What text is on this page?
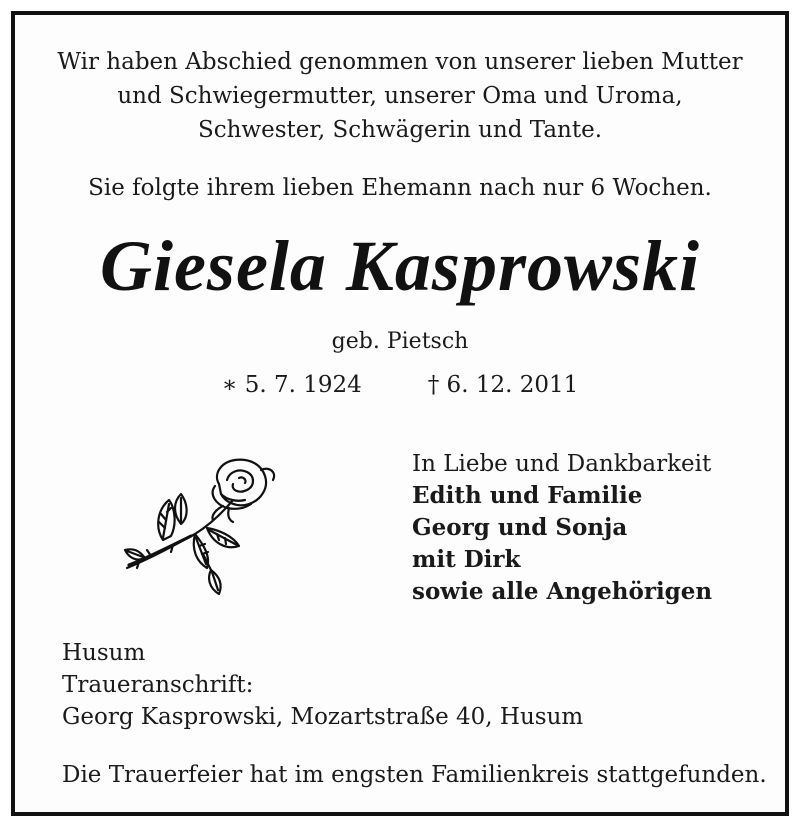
Wir haben Abschied genommen von unserer lieben Mutter
und Schwiegermutter, unserer Oma und Uroma,
Schwester, Schwägerin und Tante.
Sie folgte ihrem lieben Ehemann nach nur 6 Wochen.
Giesela Kasprowski
geb. Pietsch
∗ 5. 7. 1924	† 6. 12. 2011
In Liebe und Dankbarkeit
Edith und Familie
Georg und Sonja
mit Dirk
sowie alle Angehörigen
Husum
Traueranschrift:
Georg Kasprowski, Mozartstraße 40, Husum
Die Trauerfeier hat im engsten Familienkreis stattgefunden.
